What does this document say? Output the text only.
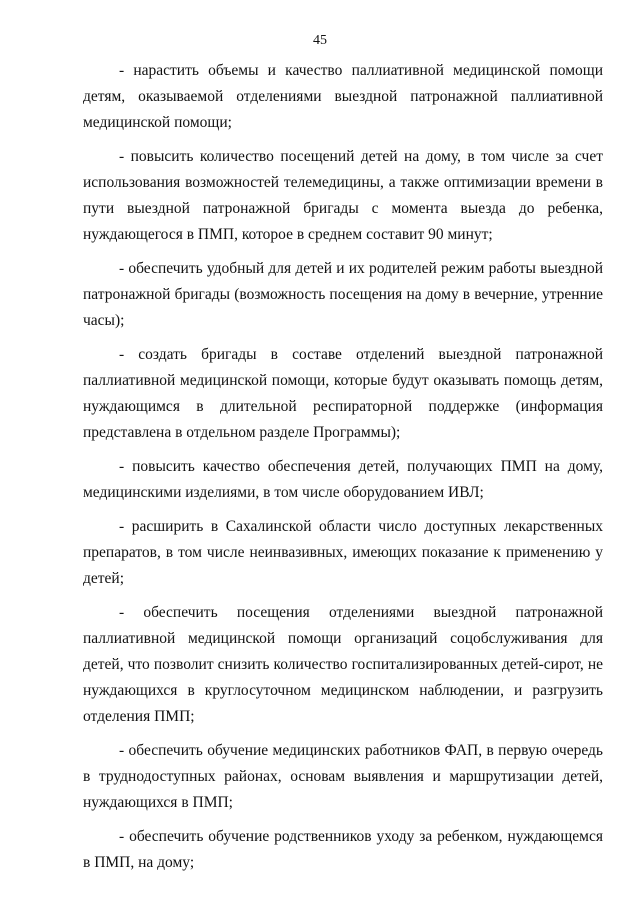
45

- нарастить объемы и качество паллиативной медицинской помощи детям, оказываемой отделениями выездной патронажной паллиативной медицинской помощи;

- повысить количество посещений детей на дому, в том числе за счет использования возможностей телемедицины, а также оптимизации времени в пути выездной патронажной бригады с момента выезда до ребенка, нуждающегося в ПМП, которое в среднем составит 90 минут;

- обеспечить удобный для детей и их родителей режим работы выездной патронажной бригады (возможность посещения на дому в вечерние, утренние часы);

- создать бригады в составе отделений выездной патронажной паллиативной медицинской помощи, которые будут оказывать помощь детям, нуждающимся в длительной респираторной поддержке (информация представлена в отдельном разделе Программы);

- повысить качество обеспечения детей, получающих ПМП на дому, медицинскими изделиями, в том числе оборудованием ИВЛ;

- расширить в Сахалинской области число доступных лекарственных препаратов, в том числе неинвазивных, имеющих показание к применению у детей;

- обеспечить посещения отделениями выездной патронажной паллиативной медицинской помощи организаций соцобслуживания для детей, что позволит снизить количество госпитализированных детей-сирот, не нуждающихся в круглосуточном медицинском наблюдении, и разгрузить отделения ПМП;

- обеспечить обучение медицинских работников ФАП, в первую очередь в труднодоступных районах, основам выявления и маршрутизации детей, нуждающихся в ПМП;

- обеспечить обучение родственников уходу за ребенком, нуждающемся в ПМП, на дому;
